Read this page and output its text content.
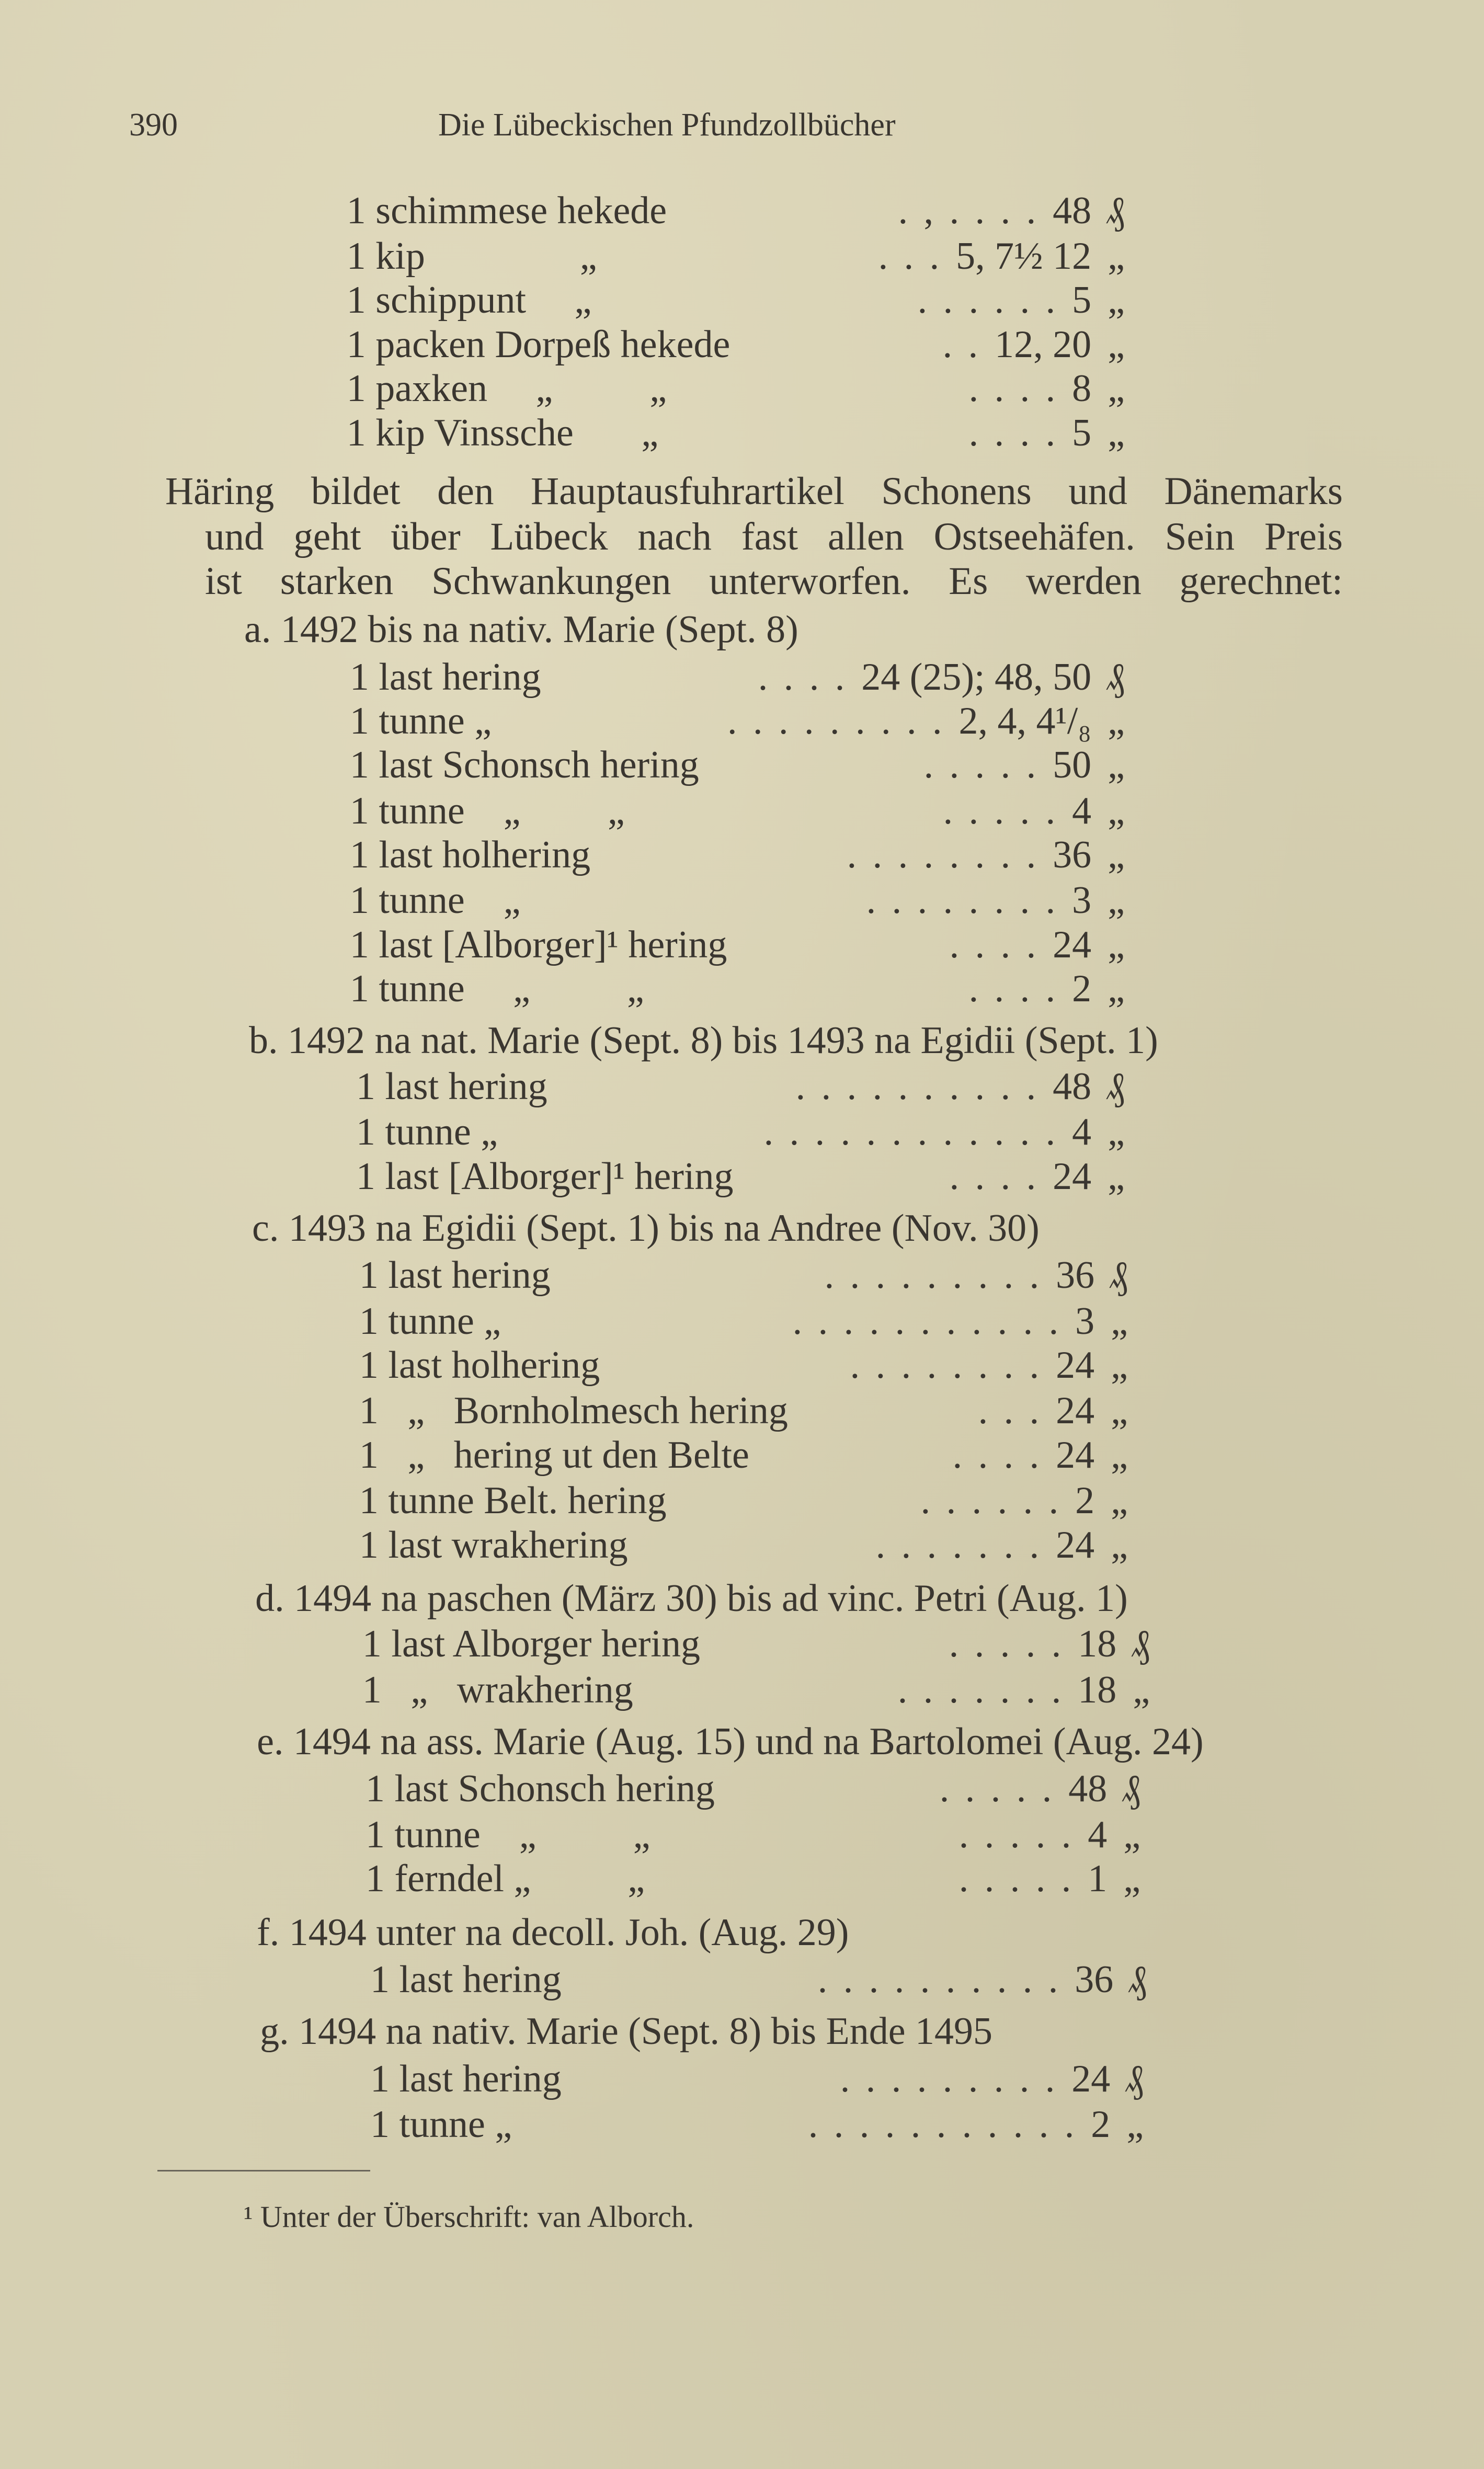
390	Die Lübeckischen Pfundzollbücher
1 schimmese hekede	. , . . . . 48 ₰
1 kip                „	. . . 5, 7½ 12 „
1 schippunt     „	. . . . . . 5 „
1 packen Dorpeß hekede	. . 12, 20 „
1 paxken     „          „	. . . . 8 „
1 kip Vinssche       „	. . . . 5 „
a. 1492 bis na nativ. Marie (Sept. 8)
1 last hering	. . . . 24 (25); 48, 50 ₰
1 tunne „	. . . . . . . . . 2, 4, 4¹/₈ „
1 last Schonsch hering	. . . . . 50 „
1 tunne    „         „	. . . . . 4 „
1 last holhering	. . . . . . . . 36 „
1 tunne    „	. . . . . . . . 3 „
1 last [Alborger]¹ hering	. . . . 24 „
1 tunne     „          „	. . . . 2 „
b. 1492 na nat. Marie (Sept. 8) bis 1493 na Egidii (Sept. 1)
1 last hering	. . . . . . . . . . 48 ₰
1 tunne „	. . . . . . . . . . . . 4 „
1 last [Alborger]¹ hering	. . . . 24 „
c. 1493 na Egidii (Sept. 1) bis na Andree (Nov. 30)
1 last hering	. . . . . . . . . 36 ₰
1 tunne „	. . . . . . . . . . . 3 „
1 last holhering	. . . . . . . . 24 „
1   „   Bornholmesch hering	. . . 24 „
1   „   hering ut den Belte	. . . . 24 „
1 tunne Belt. hering	. . . . . . 2 „
1 last wrakhering	. . . . . . . 24 „
d. 1494 na paschen (März 30) bis ad vinc. Petri (Aug. 1)
1 last Alborger hering	. . . . . 18 ₰
1   „   wrakhering	. . . . . . . 18 „
e. 1494 na ass. Marie (Aug. 15) und na Bartolomei (Aug. 24)
1 last Schonsch hering	. . . . . 48 ₰
1 tunne    „          „	. . . . . 4 „
1 ferndel „          „	. . . . . 1 „
f. 1494 unter na decoll. Joh. (Aug. 29)
1 last hering	. . . . . . . . . . 36 ₰
g. 1494 na nativ. Marie (Sept. 8) bis Ende 1495
1 last hering	. . . . . . . . . 24 ₰
1 tunne „	. . . . . . . . . . . 2 „
Häring bildet den Hauptausfuhrartikel Schonens und Dänemarks
und geht über Lübeck nach fast allen Ostseehäfen. Sein Preis
ist starken Schwankungen unterworfen. Es werden gerechnet:
¹ Unter der Überschrift: van Alborch.
